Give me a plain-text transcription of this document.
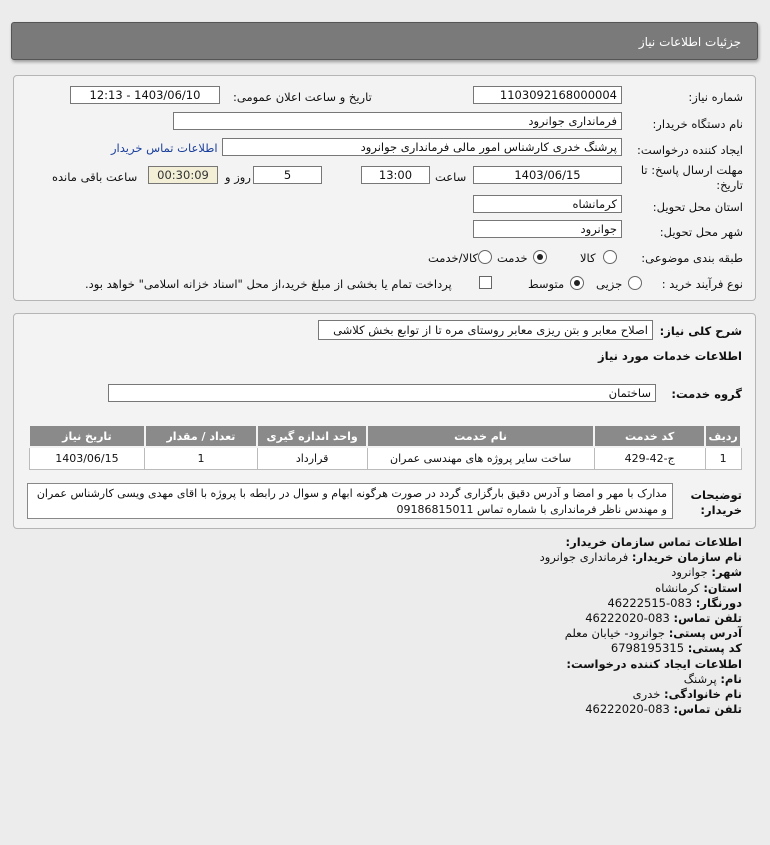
جزئیات اطلاعات نیاز
شماره نیاز:
1103092168000004
تاریخ و ساعت اعلان عمومی:
1403/06/10 - 12:13
نام دستگاه خریدار:
فرمانداری جوانرود
ایجاد کننده درخواست:
پرشنگ خدری کارشناس امور مالی فرمانداری جوانرود
اطلاعات تماس خریدار
مهلت ارسال پاسخ: تا
تاریخ:
1403/06/15
ساعت
13:00
5
روز و
00:30:09
ساعت باقی مانده
استان محل تحویل:
کرمانشاه
شهر محل تحویل:
جوانرود
طبقه بندی موضوعی:
کالا
خدمت
کالا/خدمت
نوع فرآیند خرید :
جزیی
متوسط
پرداخت تمام یا بخشی از مبلغ خرید،از محل "اسناد خزانه اسلامی" خواهد بود.
شرح کلی نیاز:
اصلاح معابر و بتن ریزی معابر روستای مره تا از توابع بخش کلاشی
اطلاعات خدمات مورد نیاز
گروه خدمت:
ساختمان
ردیف	کد خدمت	نام خدمت	واحد اندازه گیری	تعداد / مقدار	تاریخ نیاز
1	ج-42-429	ساخت سایر پروژه های مهندسی عمران	قرارداد	1	1403/06/15
توضیحات
خریدار:
مدارک با مهر و امضا و آدرس دقیق بارگزاری گردد در صورت هرگونه ابهام و سوال در رابطه با پروژه با اقای مهدی ویسی کارشناس عمران و مهندس ناظر فرمانداری با شماره تماس 09186815011
اطلاعات تماس سازمان خریدار:
نام سازمان خریدار: فرمانداری جوانرود
شهر: جوانرود
استان: کرمانشاه
دورنگار: 083-46222515
تلفن تماس: 083-46222020
آدرس پستی: جوانرود- خیابان معلم
کد پستی: 6798195315
اطلاعات ایجاد کننده درخواست:
نام: پرشنگ
نام خانوادگی: خدری
تلفن تماس: 083-46222020
